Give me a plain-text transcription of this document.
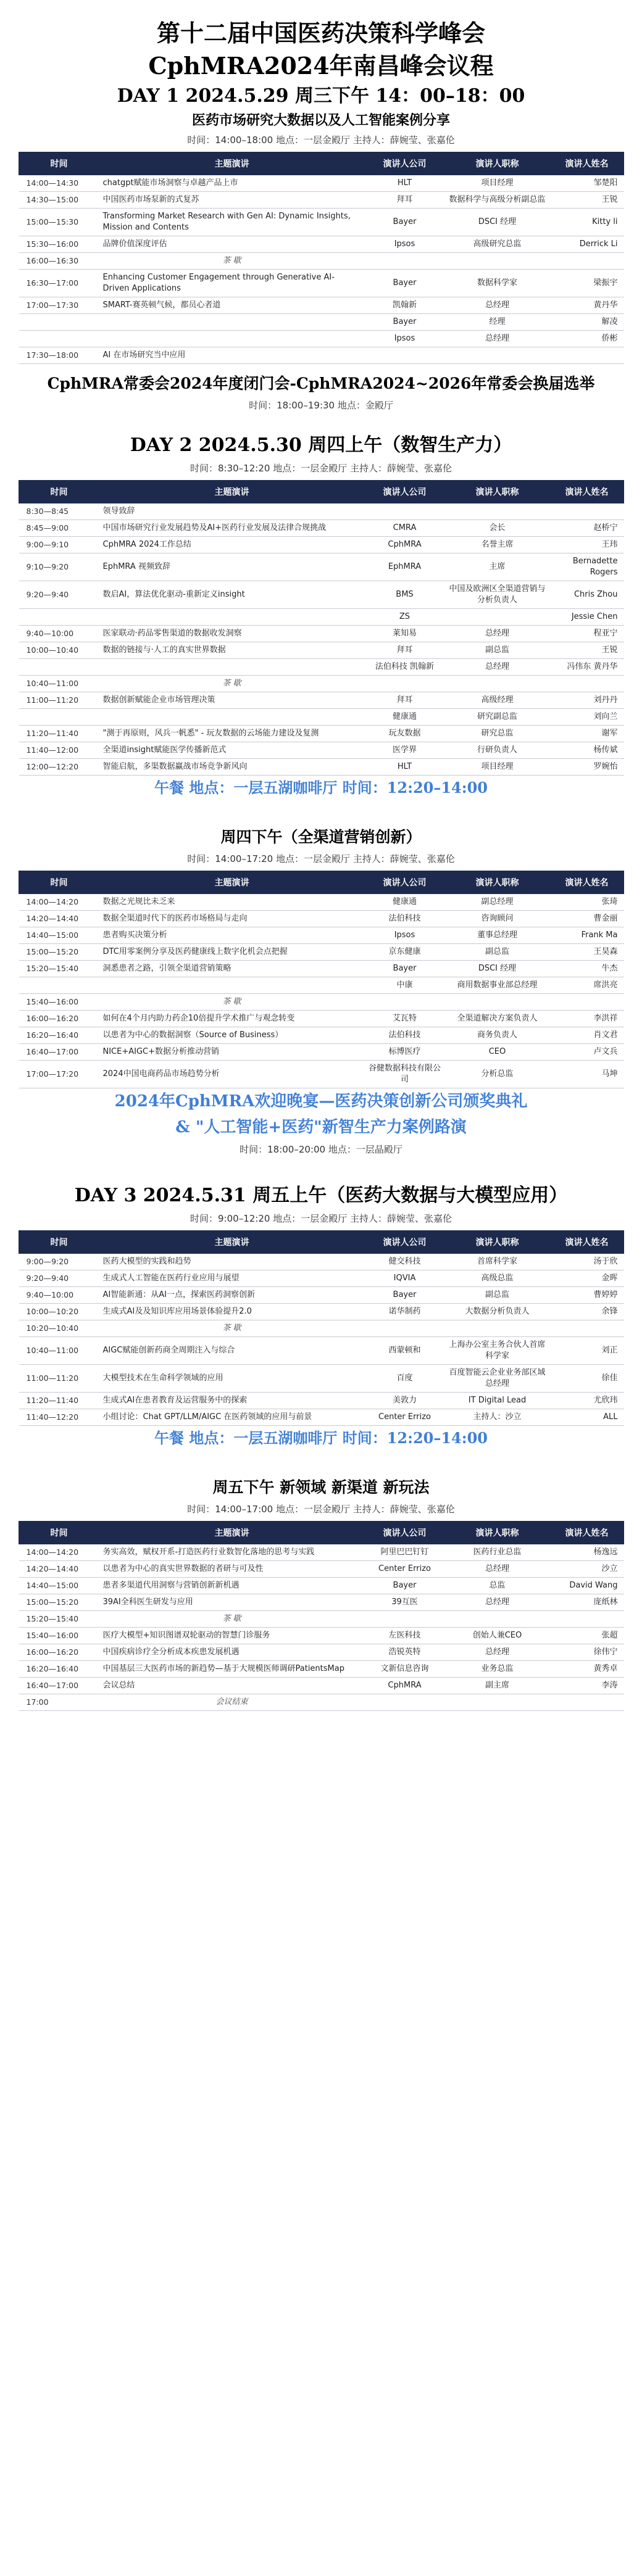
第十二届中国医药决策科学峰会
CphMRA2024年南昌峰会议程
DAY 1 2024.5.29 周三下午 14：00–18：00
医药市场研究大数据以及人工智能案例分享
时间：14:00–18:00 地点：一层金殿厅 主持人：薛婉莹、张嘉伦
时间	主题演讲	演讲人公司	演讲人职称	演讲人姓名
14:00—14:30	chatgpt赋能市场洞察与卓越产品上市	HLT	项目经理	邹楚阳
14:30—15:00	中国医药市场泵新的式复苏	拜耳	数据科学与高级分析副总监	王锐
15:00—15:30	Transforming Market Research with Gen AI: Dynamic Insights, Mission and Contents	Bayer	DSCI 经理	Kitty li
15:30—16:00	品牌价值深度评估	Ipsos	高级研究总监	Derrick Li
16:00—16:30	茶 歇			
16:30—17:00	Enhancing Customer Engagement through Generative AI-Driven Applications	Bayer	数据科学家	梁振宇
17:00—17:30	SMART-赛英顿气候，都员心者道	凯翰新	总经理	黄丹华
		Bayer	经理	解凌
		Ipsos	总经理	侨彬
17:30—18:00	AI 在市场研究当中应用			
CphMRA常委会2024年度闭门会-CphMRA2024~2026年常委会换届选举
时间：18:00–19:30 地点：金殿厅
DAY 2 2024.5.30 周四上午（数智生产力）
时间：8:30–12:20 地点：一层金殿厅 主持人：薛婉莹、张嘉伦
时间	主题演讲	演讲人公司	演讲人职称	演讲人姓名
8:30—8:45	领导致辞			
8:45—9:00	中国市场研究行业发展趋势及AI+医药行业发展及法律合规挑战	CMRA	会长	赵桥宁
9:00—9:10	CphMRA 2024工作总结	CphMRA	名誉主席	王玮
9:10—9:20	EphMRA 视频致辞	EphMRA	主席	Bernadette Rogers
9:20—9:40	数启AI，算法优化驱动-重新定义insight	BMS	中国及欧洲区全渠道营销与分析负责人	Chris Zhou
		ZS		Jessie Chen
9:40—10:00	医家联动·药品零售渠道的数据收发洞察	莱知易	总经理	程亚宁
10:00—10:40	数据的链接与·人工的真实世界数据	拜耳	副总监	王锐
		法伯科技 凯翰新	总经理	冯伟东 黄丹华
10:40—11:00	茶 歇			
11:00—11:20	数据创新赋能企业市场管理决策	拜耳	高级经理	刘丹丹
		健康通	研究副总监	刘向兰
11:20—11:40	"测于再原则，风兵一帆悉" - 玩友数据的云场能力建设及复测	玩友数据	研究总监	谢军
11:40—12:00	全渠道insight赋能医学传播新范式	医学界	行研负责人	杨传斌
12:00—12:20	智能启航，多渠数据赢战市场竞争新风向	HLT	项目经理	罗婉怡
午餐 地点：一层五湖咖啡厅 时间：12:20–14:00
周四下午（全渠道营销创新）
时间：14:00–17:20 地点：一层金殿厅 主持人：薛婉莹、张嘉伦
时间	主题演讲	演讲人公司	演讲人职称	演讲人姓名
14:00—14:20	数据之光规比未乏来	健康通	副总经理	张琦
14:20—14:40	数据全渠道时代下的医药市场格局与走向	法伯科技	咨询顾问	曹金丽
14:40—15:00	患者购买决策分析	Ipsos	董事总经理	Frank Ma
15:00—15:20	DTC用零案例分享及医药健康线上数字化机会点把握	京东健康	副总监	王昊森
15:20—15:40	洞悉患者之路，引领全渠道营销策略	Bayer	DSCI 经理	牛杰
		中康	商用数据事业部总经理	席洪亮
15:40—16:00	茶 歇			
16:00—16:20	如何在4个月内助力药企10倍提升学术推广与观念转变	艾瓦特	全渠道解决方案负责人	李洪祥
16:20—16:40	以患者为中心的数据洞察（Source of Business）	法伯科技	商务负责人	肖文君
16:40—17:00	NICE+AIGC+数据分析推动营销	标博医疗	CEO	卢文兵
17:00—17:20	2024中国电商药品市场趋势分析	谷健数据科技有限公司	分析总监	马坤
2024年CphMRA欢迎晚宴—医药决策创新公司颁奖典礼
& "人工智能+医药"新智生产力案例路演
时间：18:00–20:00 地点：一层晶殿厅
DAY 3 2024.5.31 周五上午（医药大数据与大模型应用）
时间：9:00–12:20 地点：一层金殿厅 主持人：薛婉莹、张嘉伦
时间	主题演讲	演讲人公司	演讲人职称	演讲人姓名
9:00—9:20	医药大模型的实践和趋势	健交科技	首席科学家	汤于欣
9:20—9:40	生成式人工智能在医药行业应用与展望	IQVIA	高级总监	金晖
9:40—10:00	AI智能新通：从AI一点，探索医药洞察创新	Bayer	副总监	曹婷婷
10:00—10:20	生成式AI及及知识库应用场景体验提升2.0	诺华制药	大数据分析负责人	余锋
10:20—10:40	茶 歇			
10:40—11:00	AIGC赋能创新药商全周期注入与综合	西蒙顿和	上海办公室主务合伙人首席科学家	刘正
11:00—11:20	大模型技术在生命科学领域的应用	百度	百度智能云企业业务部区域总经理	徐佳
11:20—11:40	生成式AI在患者教育及运营服务中的探索	美敦力	IT Digital Lead	尤欣玮
11:40—12:20	小组讨论：Chat GPT/LLM/AIGC 在医药领域的应用与前景	Center Errizo	主持人：沙立	ALL
午餐 地点：一层五湖咖啡厅 时间：12:20–14:00
周五下午 新领域 新渠道 新玩法
时间：14:00–17:00 地点：一层金殿厅 主持人：薛婉莹、张嘉伦
时间	主题演讲	演讲人公司	演讲人职称	演讲人姓名
14:00—14:20	务实高效，赋权开系-打造医药行业数智化落地的思考与实践	阿里巴巴钉钉	医药行业总监	杨逸远
14:20—14:40	以患者为中心的真实世界数据的者研与可及性	Center Errizo	总经理	沙立
14:40—15:00	患者多渠道代用洞察与营销创新新机遇	Bayer	总监	David Wang
15:00—15:20	39AI全科医生研发与应用	39互医	总经理	庞纸林
15:20—15:40	茶 歇			
15:40—16:00	医疗大模型+知识图谱双轮驱动的智慧门诊服务	左医科技	创始人兼CEO	张超
16:00—16:20	中国疾病诊疗全分析成本疾患发展机遇	浩锐英特	总经理	徐伟宁
16:20—16:40	中国基层三大医药市场的新趋势—基于大规模医师调研PatientsMap	文新信息咨询	业务总监	黄秀卓
16:40—17:00	会议总结	CphMRA	副主席	李涛
17:00	会议结束			
